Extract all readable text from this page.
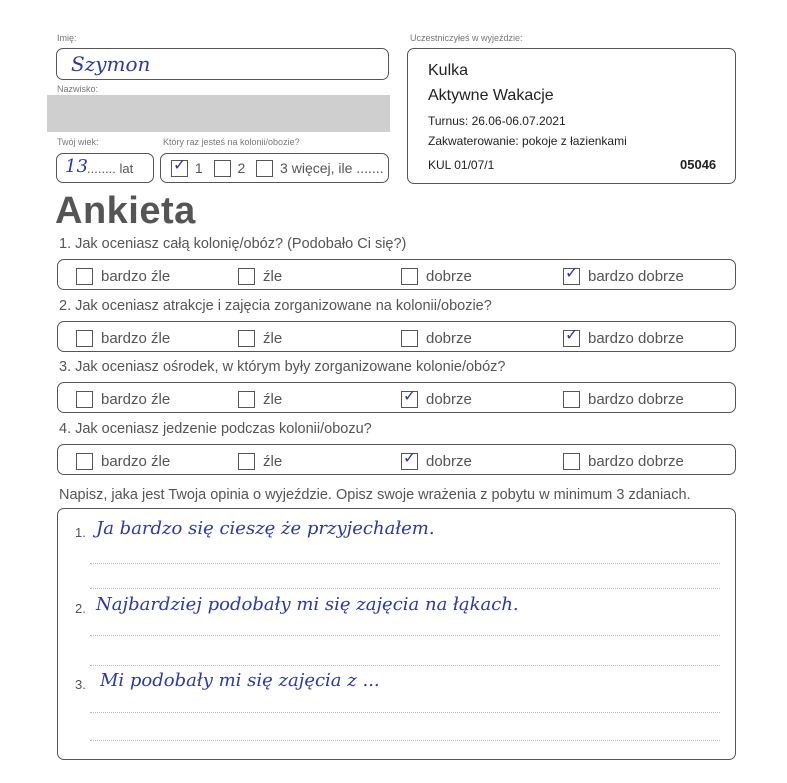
Imię:
Szymon
Nazwisko:
Twój wiek:
13 ........ lat
Który raz jesteś na kolonii/obozie?
✓ 1 2 3 więcej, ile .......
Uczestniczyłeś w wyjeździe:
Kulka
Aktywne Wakacje
Turnus: 26.06-06.07.2021
Zakwaterowanie: pokoje z łazienkami
KUL 01/07/1	05046
Ankieta
1. Jak oceniasz całą kolonię/obóz? (Podobało Ci się?)
bardzo źle	źle	dobrze	✓ bardzo dobrze
2. Jak oceniasz atrakcje i zajęcia zorganizowane na kolonii/obozie?
bardzo źle	źle	dobrze	✓ bardzo dobrze
3. Jak oceniasz ośrodek, w którym były zorganizowane kolonie/obóz?
bardzo źle	źle	✓ dobrze	bardzo dobrze
4. Jak oceniasz jedzenie podczas kolonii/obozu?
bardzo źle	źle	✓ dobrze	bardzo dobrze
Napisz, jaka jest Twoja opinia o wyjeździe. Opisz swoje wrażenia z pobytu w minimum 3 zdaniach.
1. Ja bardzo się cieszę że przyjechałem.
2. Najbardziej podobały mi się zajęcia na łąkach.
3. Mi podobały mi się zajęcia z ...
